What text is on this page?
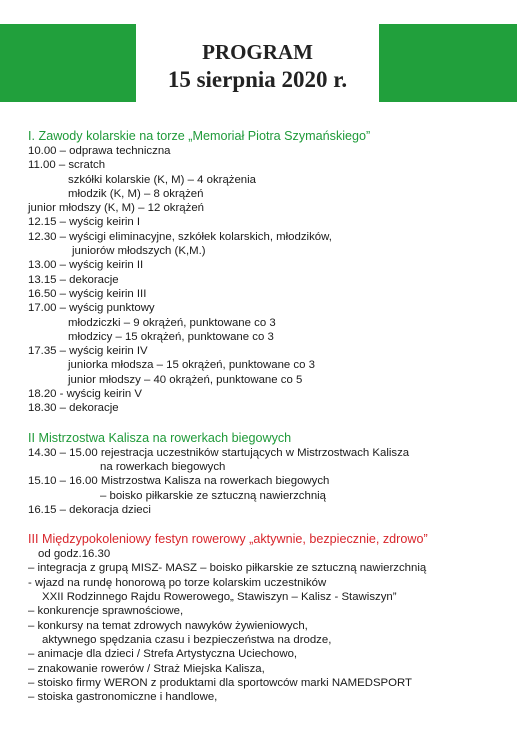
PROGRAM
15 sierpnia 2020 r.
I. Zawody kolarskie na torze „Memoriał Piotra Szymańskiego”
10.00 – odprawa techniczna
11.00 – scratch
szkółki kolarskie (K, M) – 4 okrążenia
młodzik (K, M) – 8 okrążeń
junior młodszy (K, M) – 12 okrążeń
12.15 – wyścig keirin I
12.30 – wyścigi eliminacyjne, szkółek kolarskich, młodzików,
juniorów młodszych (K,M.)
13.00 – wyścig keirin II
13.15 – dekoracje
16.50 – wyścig keirin III
17.00 – wyścig punktowy
młodziczki – 9 okrążeń, punktowane co 3
młodzicy – 15 okrążeń, punktowane co 3
17.35 – wyścig keirin IV
juniorka młodsza – 15 okrążeń, punktowane co 3
junior młodszy – 40 okrążeń, punktowane co 5
18.20 - wyścig keirin V
18.30 – dekoracje
II Mistrzostwa Kalisza na rowerkach biegowych
14.30 – 15.00 rejestracja uczestników startujących w Mistrzostwach Kalisza
na rowerkach biegowych
15.10 – 16.00 Mistrzostwa Kalisza na rowerkach biegowych
– boisko piłkarskie ze sztuczną nawierzchnią
16.15 – dekoracja dzieci
III Międzypokoleniowy festyn rowerowy „aktywnie, bezpiecznie, zdrowo”
od godz.16.30
– integracja z grupą MISZ- MASZ – boisko piłkarskie ze sztuczną nawierzchnią
- wjazd na rundę honorową po torze kolarskim uczestników
XXII Rodzinnego Rajdu Rowerowego„ Stawiszyn – Kalisz - Stawiszyn”
– konkurencje sprawnościowe,
– konkursy na temat zdrowych nawyków żywieniowych,
aktywnego spędzania czasu i bezpieczeństwa na drodze,
– animacje dla dzieci / Strefa Artystyczna Uciechowo,
– znakowanie rowerów / Straż Miejska Kalisza,
– stoisko firmy WERON z produktami dla sportowców marki NAMEDSPORT
– stoiska gastronomiczne i handlowe,
